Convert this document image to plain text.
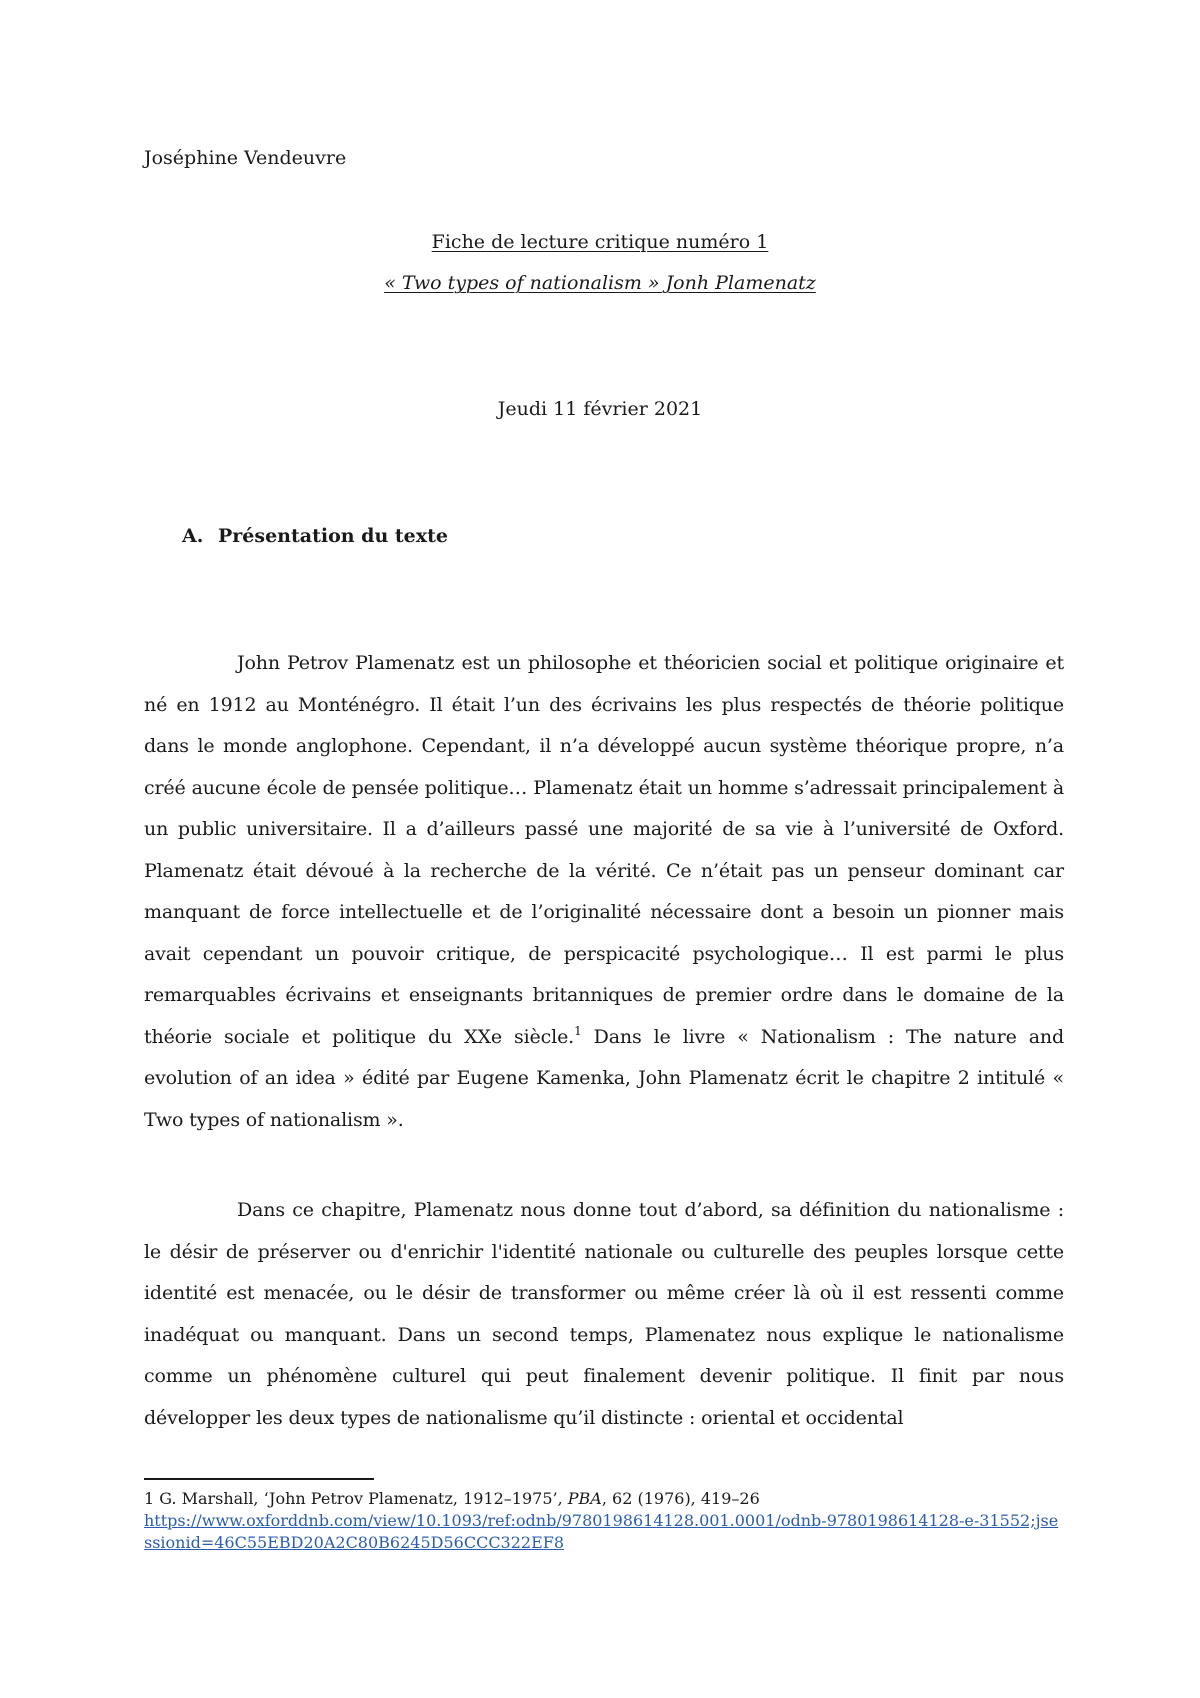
Joséphine Vendeuvre
Fiche de lecture critique numéro 1
« Two types of nationalism » Jonh Plamenatz
Jeudi 11 février 2021
A. Présentation du texte
John Petrov Plamenatz est un philosophe et théoricien social et politique originaire et né en 1912 au Monténégro. Il était l’un des écrivains les plus respectés de théorie politique dans le monde anglophone. Cependant, il n’a développé aucun système théorique propre, n’a créé aucune école de pensée politique… Plamenatz était un homme s’adressait principalement à un public universitaire. Il a d’ailleurs passé une majorité de sa vie à l’université de Oxford. Plamenatz était dévoué à la recherche de la vérité. Ce n’était pas un penseur dominant car manquant de force intellectuelle et de l’originalité nécessaire dont a besoin un pionner mais avait cependant un pouvoir critique, de perspicacité psychologique… Il est parmi le plus remarquables écrivains et enseignants britanniques de premier ordre dans le domaine de la théorie sociale et politique du XXe siècle.$^1$ Dans le livre « Nationalism : The nature and evolution of an idea » édité par Eugene Kamenka, John Plamenatz écrit le chapitre 2 intitulé « Two types of nationalism ».
Dans ce chapitre, Plamenatz nous donne tout d’abord, sa définition du nationalisme : le désir de préserver ou d'enrichir l'identité nationale ou culturelle des peuples lorsque cette identité est menacée, ou le désir de transformer ou même créer là où il est ressenti comme inadéquat ou manquant. Dans un second temps, Plamenatez nous explique le nationalisme comme un phénomène culturel qui peut finalement devenir politique. Il finit par nous développer les deux types de nationalisme qu’il distincte : oriental et occidental
1 G. Marshall, ‘John Petrov Plamenatz, 1912–1975’, PBA, 62 (1976), 419–26
https://www.oxforddnb.com/view/10.1093/ref:odnb/9780198614128.001.0001/odnb-9780198614128-e-31552;jsessionid=46C55EBD20A2C80B6245D56CCC322EF8
